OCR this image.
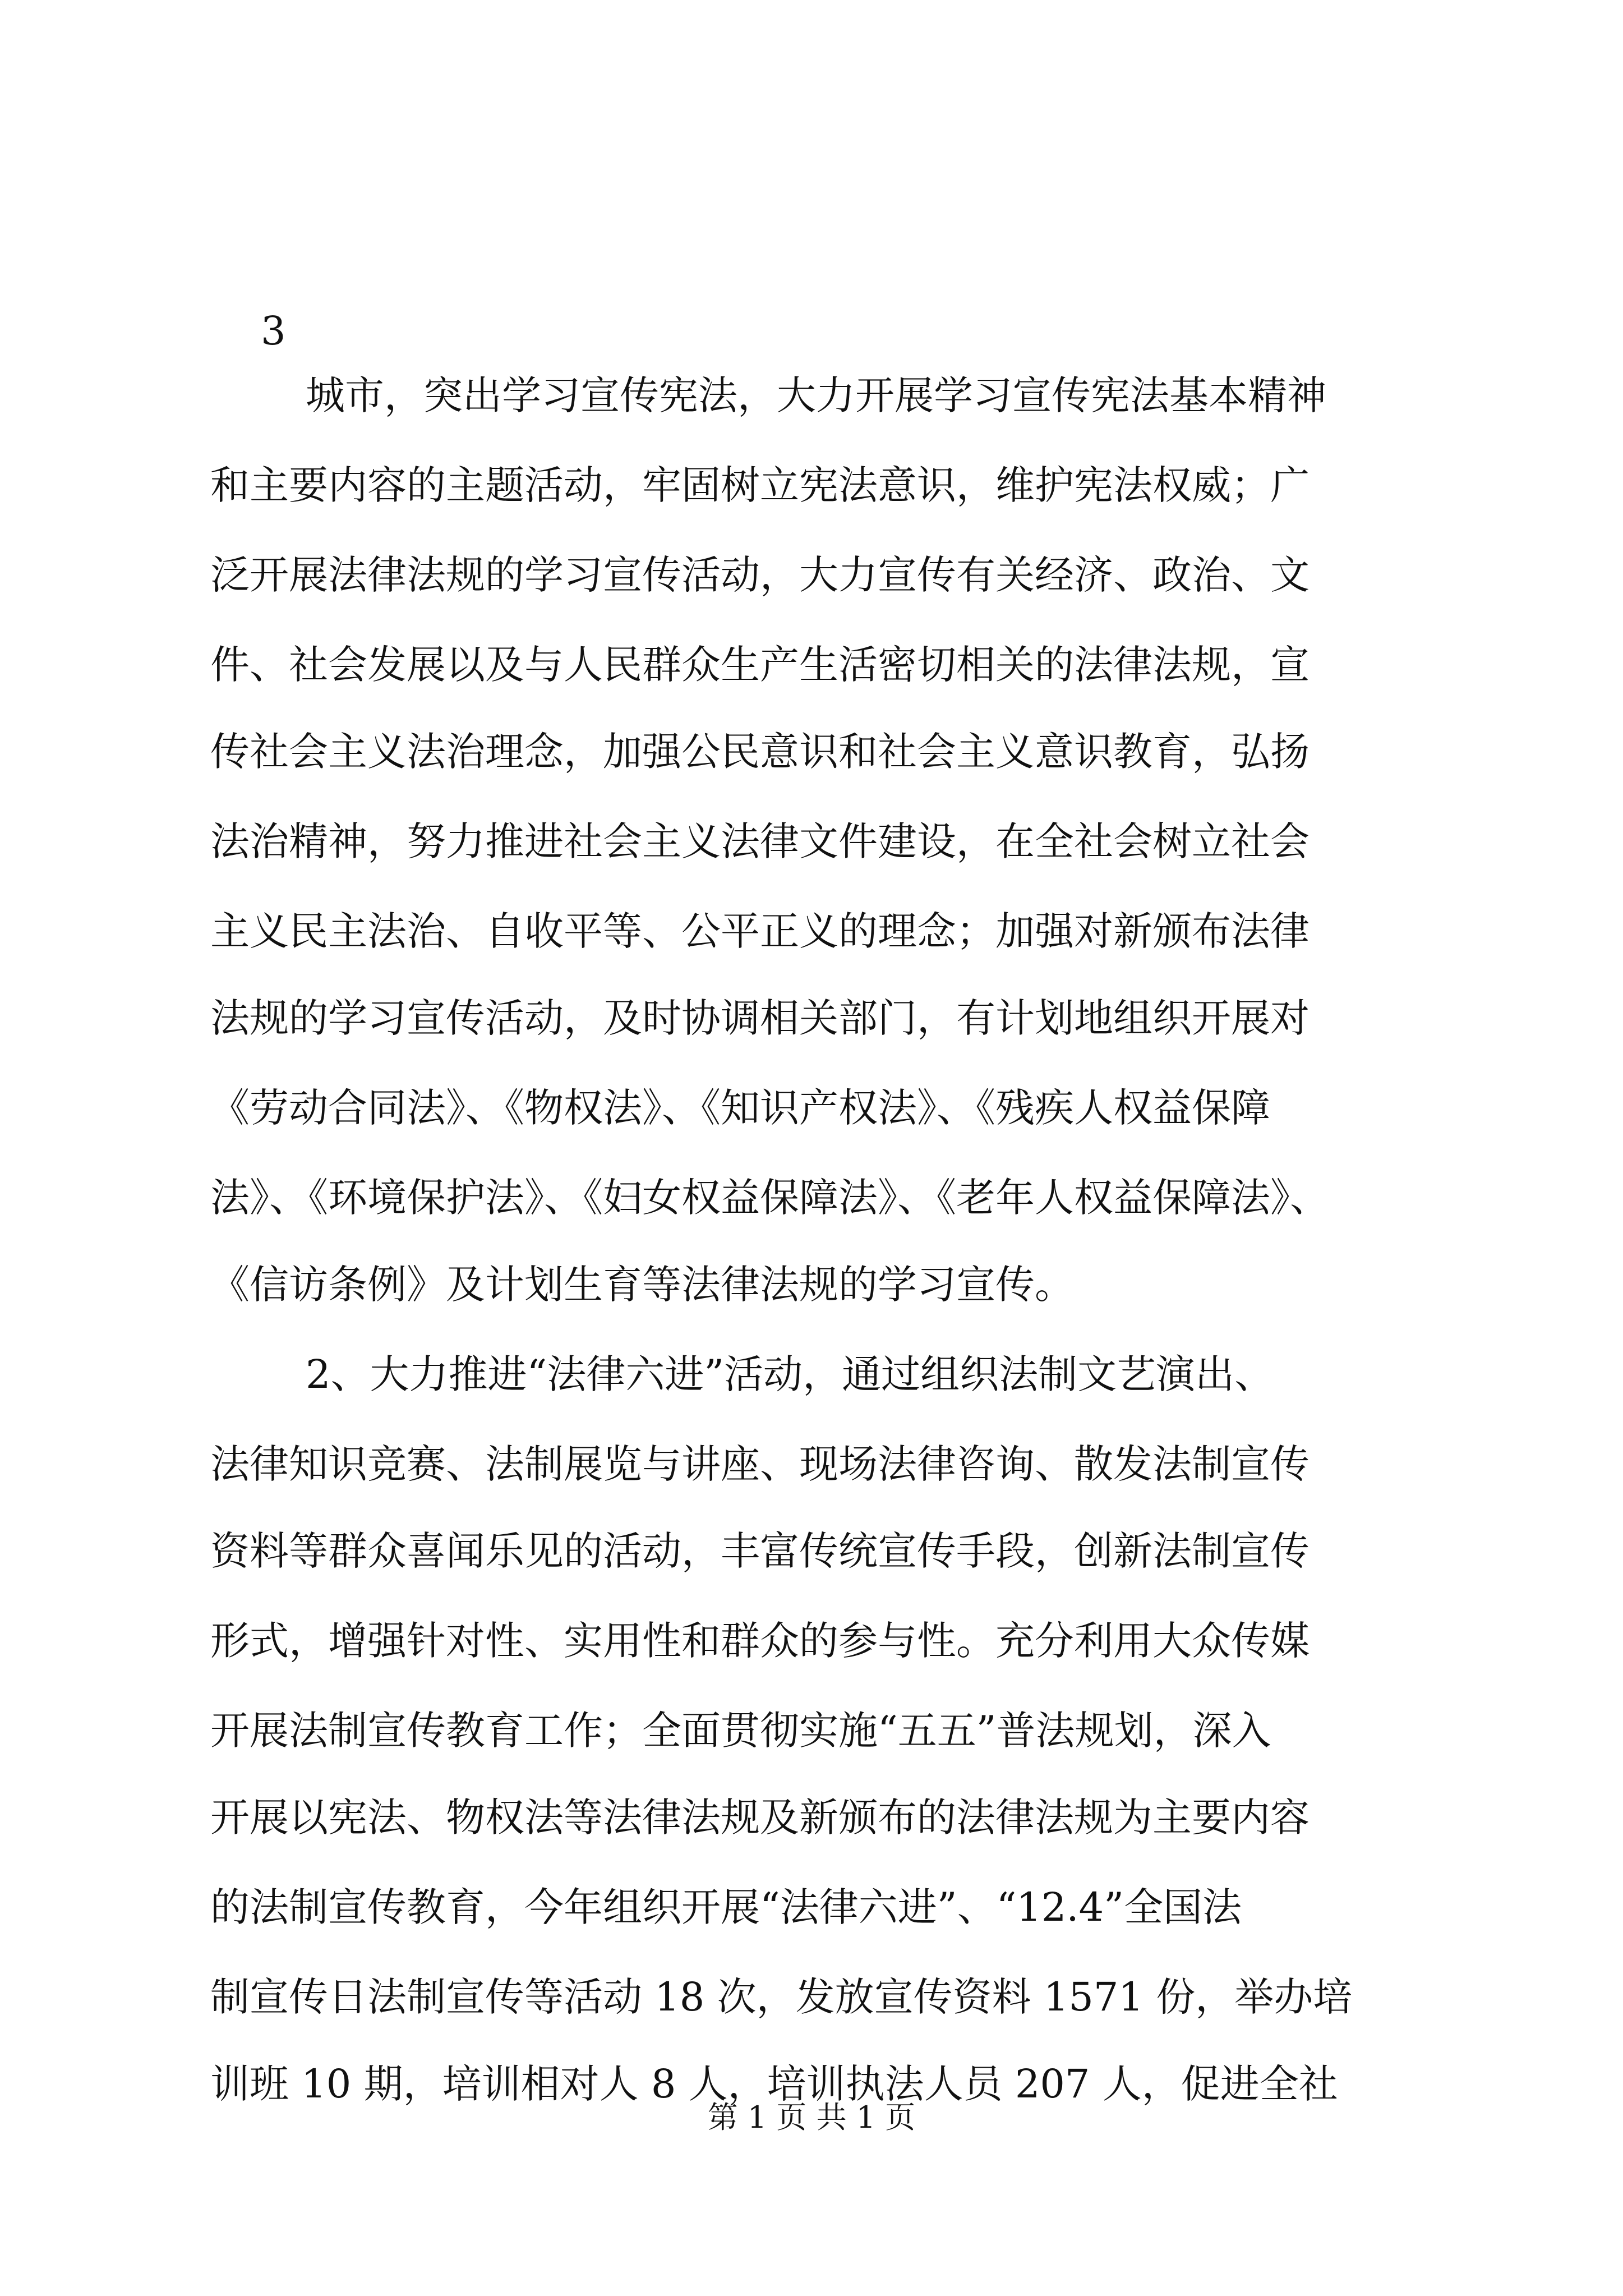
3
城市，突出学习宣传宪法，大力开展学习宣传宪法基本精神
和主要内容的主题活动，牢固树立宪法意识，维护宪法权威；广
泛开展法律法规的学习宣传活动，大力宣传有关经济、政治、文
件、社会发展以及与人民群众生产生活密切相关的法律法规，宣
传社会主义法治理念，加强公民意识和社会主义意识教育，弘扬
法治精神，努力推进社会主义法律文件建设，在全社会树立社会
主义民主法治、自收平等、公平正义的理念；加强对新颁布法律
法规的学习宣传活动，及时协调相关部门，有计划地组织开展对
《劳动合同法》、《物权法》、《知识产权法》、《残疾人权益保障
法》、《环境保护法》、《妇女权益保障法》、《老年人权益保障法》、
《信访条例》及计划生育等法律法规的学习宣传。
2、大力推进“法律六进”活动，通过组织法制文艺演出、
法律知识竞赛、法制展览与讲座、现场法律咨询、散发法制宣传
资料等群众喜闻乐见的活动，丰富传统宣传手段，创新法制宣传
形式，增强针对性、实用性和群众的参与性。充分利用大众传媒
开展法制宣传教育工作；全面贯彻实施“五五”普法规划，深入
开展以宪法、物权法等法律法规及新颁布的法律法规为主要内容
的法制宣传教育，今年组织开展“法律六进”、“12.4”全国法
制宣传日法制宣传等活动 18 次，发放宣传资料 1571 份，举办培
训班 10 期，培训相对人 8 人，培训执法人员 207 人，促进全社
第 1 页 共 1 页
